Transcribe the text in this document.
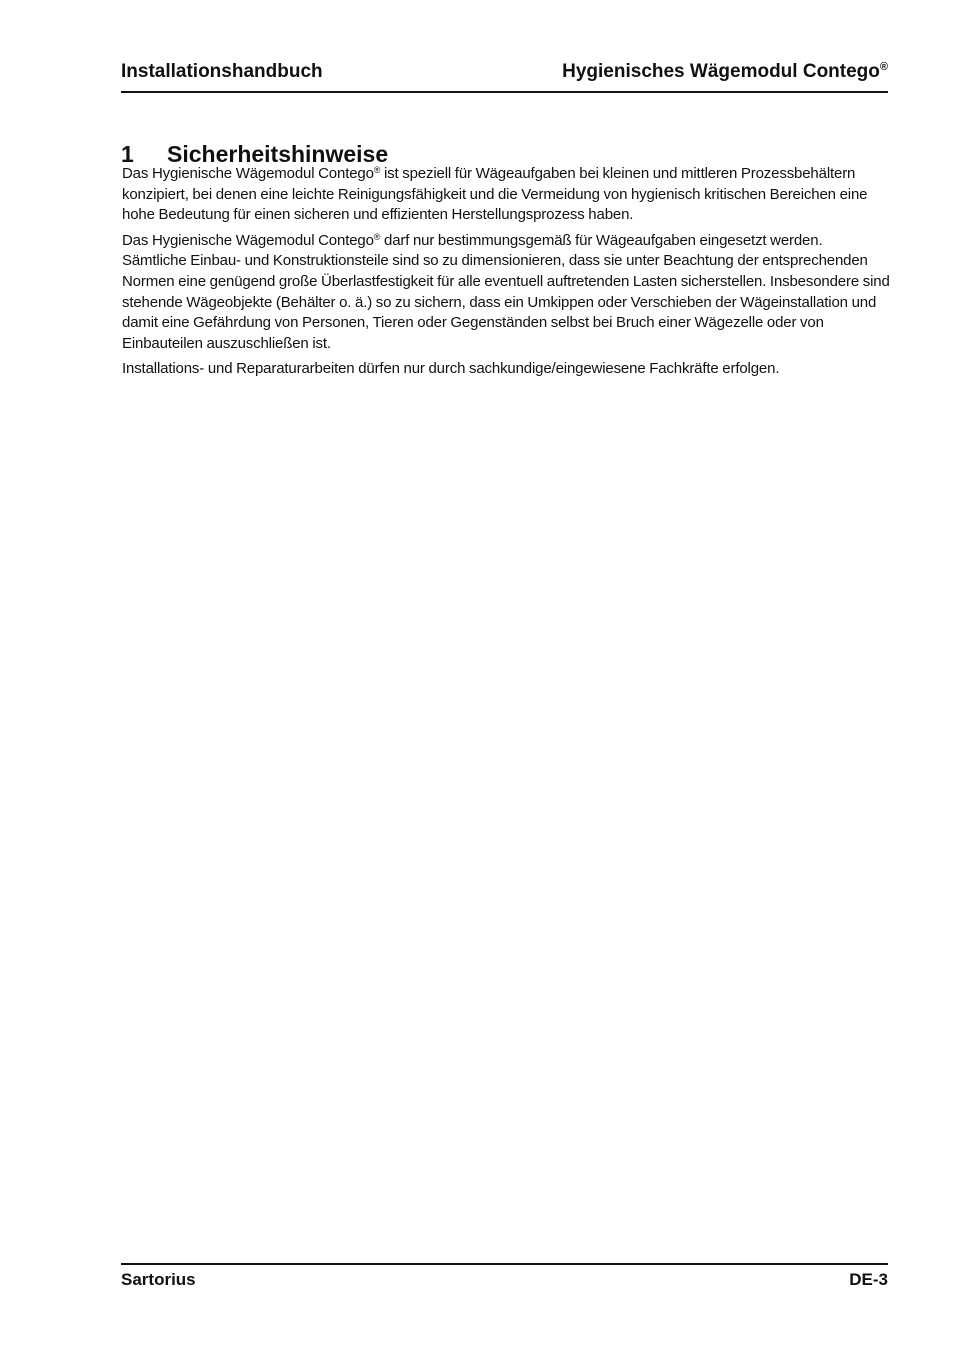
Installationshandbuch	Hygienisches Wägemodul Contego®
1	Sicherheitshinweise

Das Hygienische Wägemodul Contego® ist speziell für Wägeaufgaben bei kleinen und mittleren Prozessbehältern konzipiert, bei denen eine leichte Reinigungsfähigkeit und die Vermeidung von hygienisch kritischen Bereichen eine hohe Bedeutung für einen sicheren und effizienten Herstellungsprozess haben.

Das Hygienische Wägemodul Contego® darf nur bestimmungsgemäß für Wägeaufgaben eingesetzt werden. Sämtliche Einbau- und Konstruktionsteile sind so zu dimensionieren, dass sie unter Beachtung der entsprechenden Normen eine genügend große Überlastfestigkeit für alle eventuell auftretenden Lasten sicherstellen. Insbesondere sind stehende Wägeobjekte (Behälter o. ä.) so zu sichern, dass ein Umkippen oder Verschieben der Wägeinstallation und damit eine Gefährdung von Personen, Tieren oder Gegenständen selbst bei Bruch einer Wägezelle oder von Einbauteilen auszuschließen ist.

Installations- und Reparaturarbeiten dürfen nur durch sachkundige/eingewiesene Fachkräfte erfolgen.

Sartorius	DE-3
